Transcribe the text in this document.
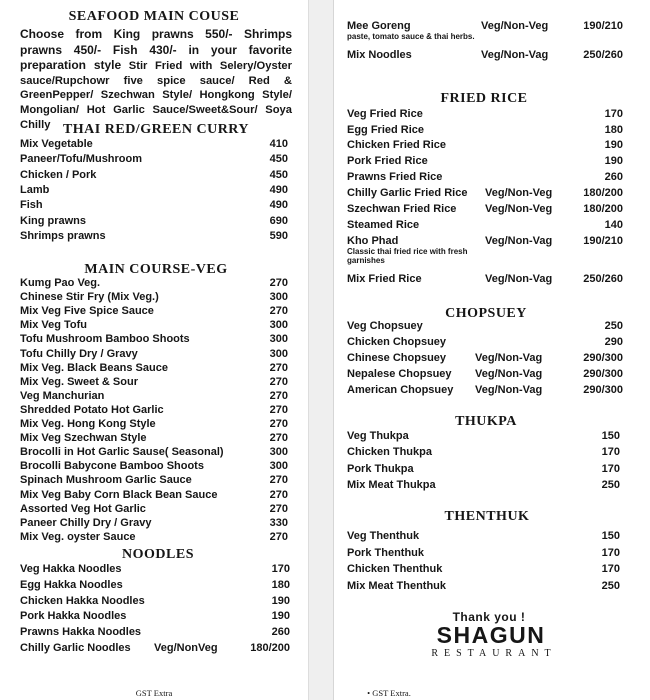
SEAFOOD MAIN COUSE
Choose from King prawns 550/- Shrimps prawns 450/- Fish 430/- in your favorite preparation style Stir Fried with Selery/Oyster sauce/Rupchowr five spice sauce/ Red & GreenPepper/ Szechwan Style/ Hongkong Style/ Mongolian/ Hot Garlic Sauce/Sweet&Sour/ Soya Chilly THAI RED/GREEN CURRY
Mix Vegetable	410
Paneer/Tofu/Mushroom	450
Chicken / Pork	450
Lamb	490
Fish	490
King prawns	690
Shrimps prawns	590
MAIN COURSE-VEG
Kumg Pao Veg.	270
Chinese Stir Fry (Mix Veg.)	300
Mix Veg Five Spice Sauce	270
Mix Veg Tofu	300
Tofu Mushroom Bamboo Shoots	300
Tofu Chilly Dry / Gravy	300
Mix Veg. Black Beans Sauce	270
Mix Veg. Sweet & Sour	270
Veg Manchurian	270
Shredded Potato Hot Garlic	270
Mix Veg. Hong Kong Style	270
Mix Veg Szechwan Style	270
Brocolli in Hot Garlic Sause( Seasonal)	300
Brocolli Babycone Bamboo Shoots	300
Spinach Mushroom Garlic Sauce	270
Mix Veg Baby Corn Black Bean Sauce	270
Assorted Veg Hot Garlic	270
Paneer Chilly Dry / Gravy	330
Mix Veg. oyster Sauce	270
NOODLES
Veg Hakka Noodles	170
Egg Hakka Noodles	180
Chicken Hakka Noodles	190
Pork Hakka Noodles	190
Prawns Hakka Noodles	260
Chilly Garlic Noodles Veg/NonVeg	180/200
GST Extra
Mee Goreng	Veg/Non-Veg	190/210
paste, tomato sauce & thai herbs.
Mix Noodles	Veg/Non-Vag	250/260
FRIED RICE
Veg Fried Rice	170
Egg Fried Rice	180
Chicken Fried Rice	190
Pork Fried Rice	190
Prawns Fried Rice	260
Chilly Garlic Fried Rice Veg/Non-Veg	180/200
Szechwan Fried Rice	Veg/Non-Veg	180/200
Steamed Rice	140
Kho Phad	Veg/Non-Vag	190/210
Classic thai fried rice with fresh garnishes
Mix Fried Rice	Veg/Non-Vag	250/260
CHOPSUEY
Veg Chopsuey	250
Chicken Chopsuey	290
Chinese Chopsuey	Veg/Non-Vag	290/300
Nepalese Chopsuey Veg/Non-Vag	290/300
American Chopsuey Veg/Non-Vag	290/300
THUKPA
Veg Thukpa	150
Chicken Thukpa	170
Pork Thukpa	170
Mix Meat Thukpa	250
THENTHUK
Veg Thenthuk	150
Pork Thenthuk	170
Chicken Thenthuk	170
Mix Meat Thenthuk	250
Thank you !
SHAGUN
RESTAURANT
• GST Extra.
